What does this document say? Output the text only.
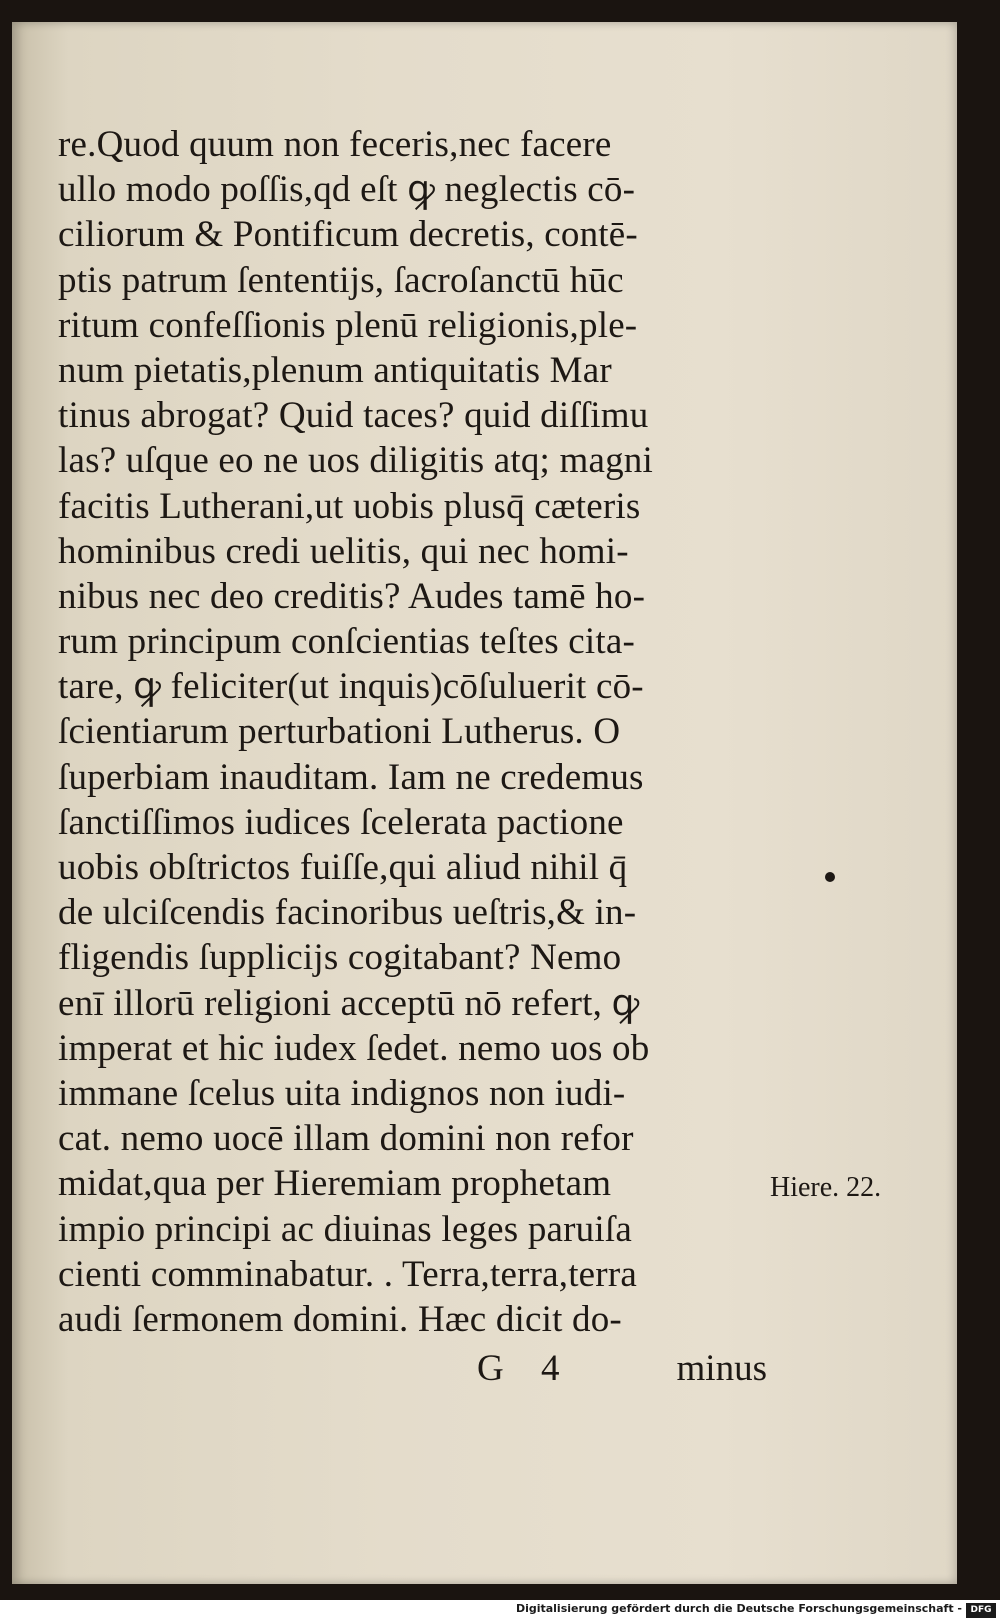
re.Quod quum non feceris,nec facere
ullo modo poſſis,qd eſt ꝙ neglectis cō-
ciliorum & Pontificum decretis, contē-
ptis patrum ſententijs, ſacroſanctū hūc
ritum confeſſionis plenū religionis,ple-
num pietatis,plenum antiquitatis Mar
tinus abrogat? Quid taces? quid diſſimu
las? uſque eo ne uos diligitis atq; magni
facitis Lutherani,ut uobis plusq̄ cæteris
hominibus credi uelitis, qui nec homi-
nibus nec deo creditis? Audes tamē ho-
rum principum conſcientias teſtes cita-
tare, ꝙ feliciter(ut inquis)cōſuluerit cō-
ſcientiarum perturbationi Lutherus. O
ſuperbiam inauditam. Iam ne credemus
ſanctiſſimos iudices ſcelerata pactione
uobis obſtrictos fuiſſe,qui aliud nihil q̄
de ulciſcendis facinoribus ueſtris,& in-
fligendis ſupplicijs cogitabant? Nemo
enī illorū religioni acceptū nō refert, ꝙ
imperat et hic iudex ſedet. nemo uos ob
immane ſcelus uita indignos non iudi-
cat. nemo uocē illam domini non refor
midat,qua per Hieremiam prophetam
impio principi ac diuinas leges paruiſa
cienti comminabatur. . Terra,terra,terra
audi ſermonem domini. Hæc dicit do-
Hiere. 22.
G 4	minus
Digitalisierung gefördert durch die Deutsche Forschungsgemeinschaft - DFG
